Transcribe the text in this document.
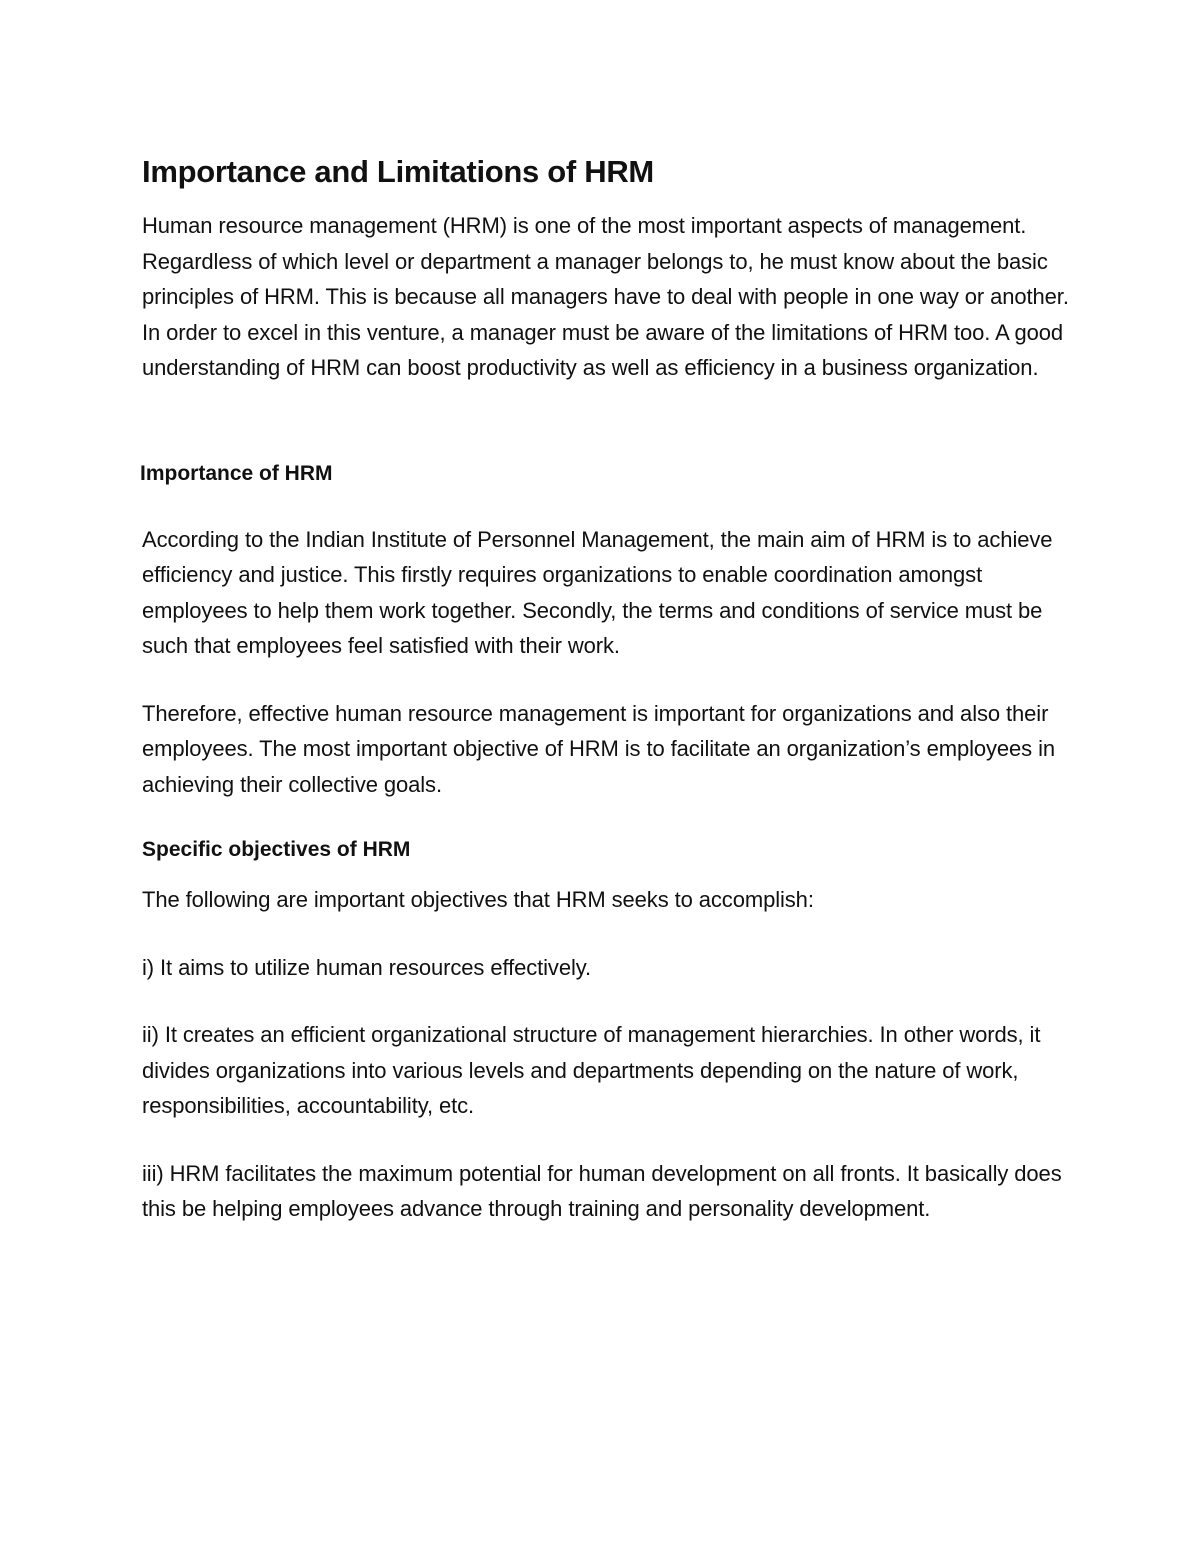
Importance and Limitations of HRM

Human resource management (HRM) is one of the most important aspects of management. Regardless of which level or department a manager belongs to, he must know about the basic principles of HRM. This is because all managers have to deal with people in one way or another. In order to excel in this venture, a manager must be aware of the limitations of HRM too. A good understanding of HRM can boost productivity as well as efficiency in a business organization.

Importance of HRM

According to the Indian Institute of Personnel Management, the main aim of HRM is to achieve efficiency and justice. This firstly requires organizations to enable coordination amongst employees to help them work together. Secondly, the terms and conditions of service must be such that employees feel satisfied with their work.

Therefore, effective human resource management is important for organizations and also their employees. The most important objective of HRM is to facilitate an organization’s employees in achieving their collective goals.

Specific objectives of HRM

The following are important objectives that HRM seeks to accomplish:

i) It aims to utilize human resources effectively.

ii) It creates an efficient organizational structure of management hierarchies. In other words, it divides organizations into various levels and departments depending on the nature of work, responsibilities, accountability, etc.

iii) HRM facilitates the maximum potential for human development on all fronts. It basically does this be helping employees advance through training and personality development.
